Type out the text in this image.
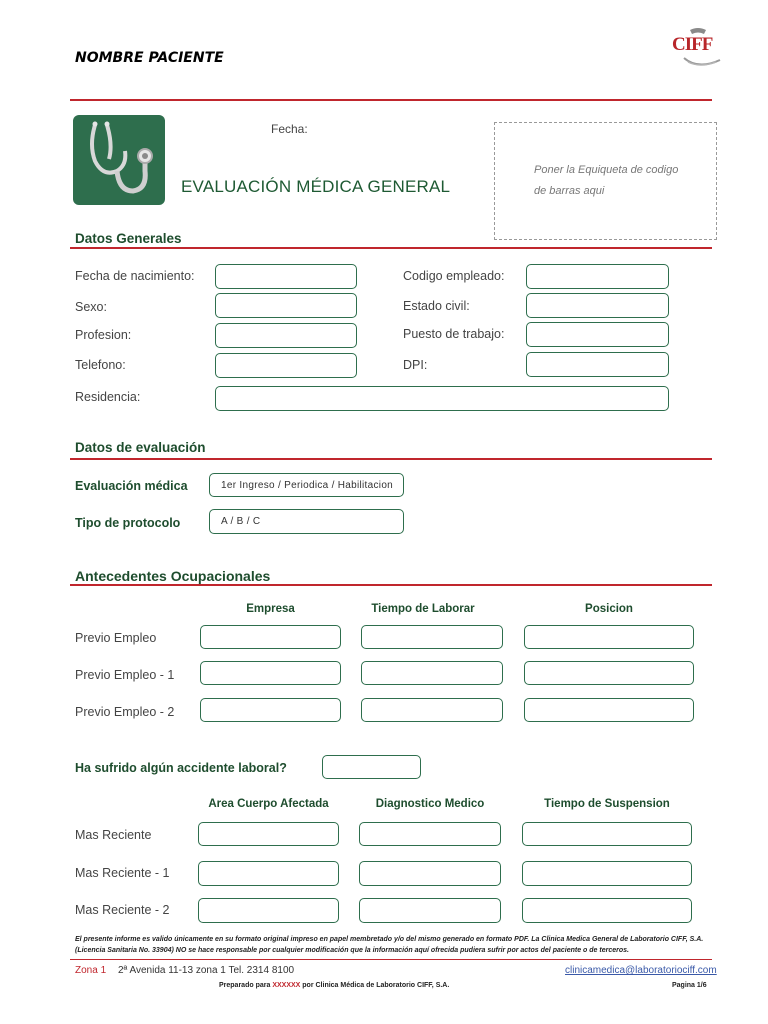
NOMBRE PACIENTE
CIFF
Fecha:
EVALUACIÓN MÉDICA GENERAL
Poner la Equiqueta de codigo de barras aqui
Datos Generales
Fecha de nacimiento:	Codigo empleado:
Sexo:	Estado civil:
Profesion:	Puesto de trabajo:
Telefono:	DPI:
Residencia:
Datos de evaluación
Evaluación médica	1er Ingreso / Periodica / Habilitacion
Tipo de protocolo	A / B / C
Antecedentes Ocupacionales
Empresa	Tiempo de Laborar	Posicion
Previo Empleo
Previo Empleo - 1
Previo Empleo - 2
Ha sufrido algún accidente laboral?
Area Cuerpo Afectada	Diagnostico Medico	Tiempo de Suspension
Mas Reciente
Mas Reciente - 1
Mas Reciente - 2
El presente informe es valido únicamente en su formato original impreso en papel membretado y/o del mismo generado en formato PDF. La Clinica Medica General de Laboratorio CIFF, S.A. (Licencia Sanitaria No. 33904) NO se hace responsable por cualquier modificación que la información aquí ofrecida pudiera sufrir por actos del paciente o de terceros.
Zona 1 2ª Avenida 11-13 zona 1 Tel. 2314 8100	clinicamedica@laboratoriociff.com
Preparado para XXXXXX por Clinica Médica de Laboratorio CIFF, S.A.	Pagina 1/6
